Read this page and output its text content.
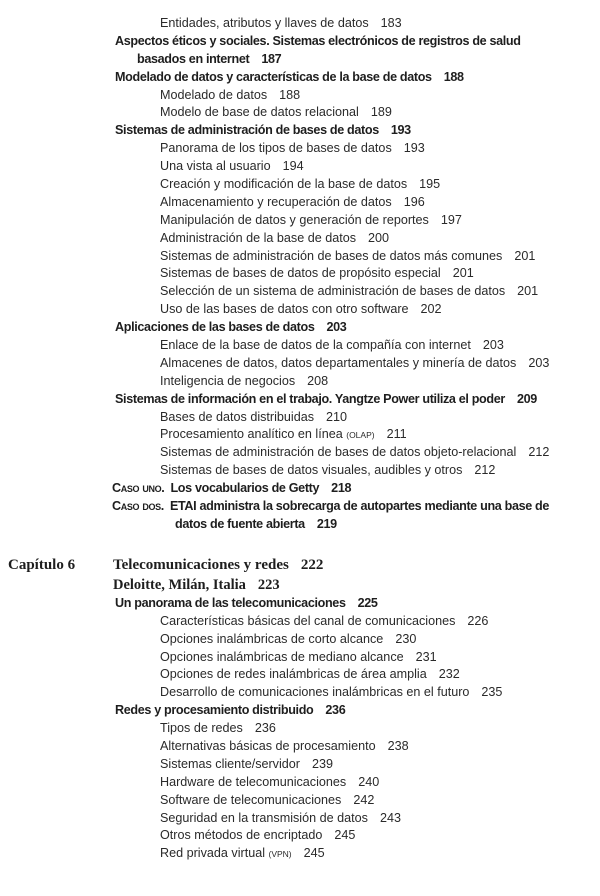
Entidades, atributos y llaves de datos 183
Aspectos éticos y sociales. Sistemas electrónicos de registros de salud
basados en internet 187
Modelado de datos y características de la base de datos 188
Modelado de datos 188
Modelo de base de datos relacional 189
Sistemas de administración de bases de datos 193
Panorama de los tipos de bases de datos 193
Una vista al usuario 194
Creación y modificación de la base de datos 195
Almacenamiento y recuperación de datos 196
Manipulación de datos y generación de reportes 197
Administración de la base de datos 200
Sistemas de administración de bases de datos más comunes 201
Sistemas de bases de datos de propósito especial 201
Selección de un sistema de administración de bases de datos 201
Uso de las bases de datos con otro software 202
Aplicaciones de las bases de datos 203
Enlace de la base de datos de la compañía con internet 203
Almacenes de datos, datos departamentales y minería de datos 203
Inteligencia de negocios 208
Sistemas de información en el trabajo. Yangtze Power utiliza el poder 209
Bases de datos distribuidas 210
Procesamiento analítico en línea (OLAP) 211
Sistemas de administración de bases de datos objeto-relacional 212
Sistemas de bases de datos visuales, audibles y otros 212
Caso uno. Los vocabularios de Getty 218
Caso dos. ETAI administra la sobrecarga de autopartes mediante una base de
datos de fuente abierta 219
Capítulo 6	Telecomunicaciones y redes 222
Deloitte, Milán, Italia 223
Un panorama de las telecomunicaciones 225
Características básicas del canal de comunicaciones 226
Opciones inalámbricas de corto alcance 230
Opciones inalámbricas de mediano alcance 231
Opciones de redes inalámbricas de área amplia 232
Desarrollo de comunicaciones inalámbricas en el futuro 235
Redes y procesamiento distribuido 236
Tipos de redes 236
Alternativas básicas de procesamiento 238
Sistemas cliente/servidor 239
Hardware de telecomunicaciones 240
Software de telecomunicaciones 242
Seguridad en la transmisión de datos 243
Otros métodos de encriptado 245
Red privada virtual (VPN) 245
